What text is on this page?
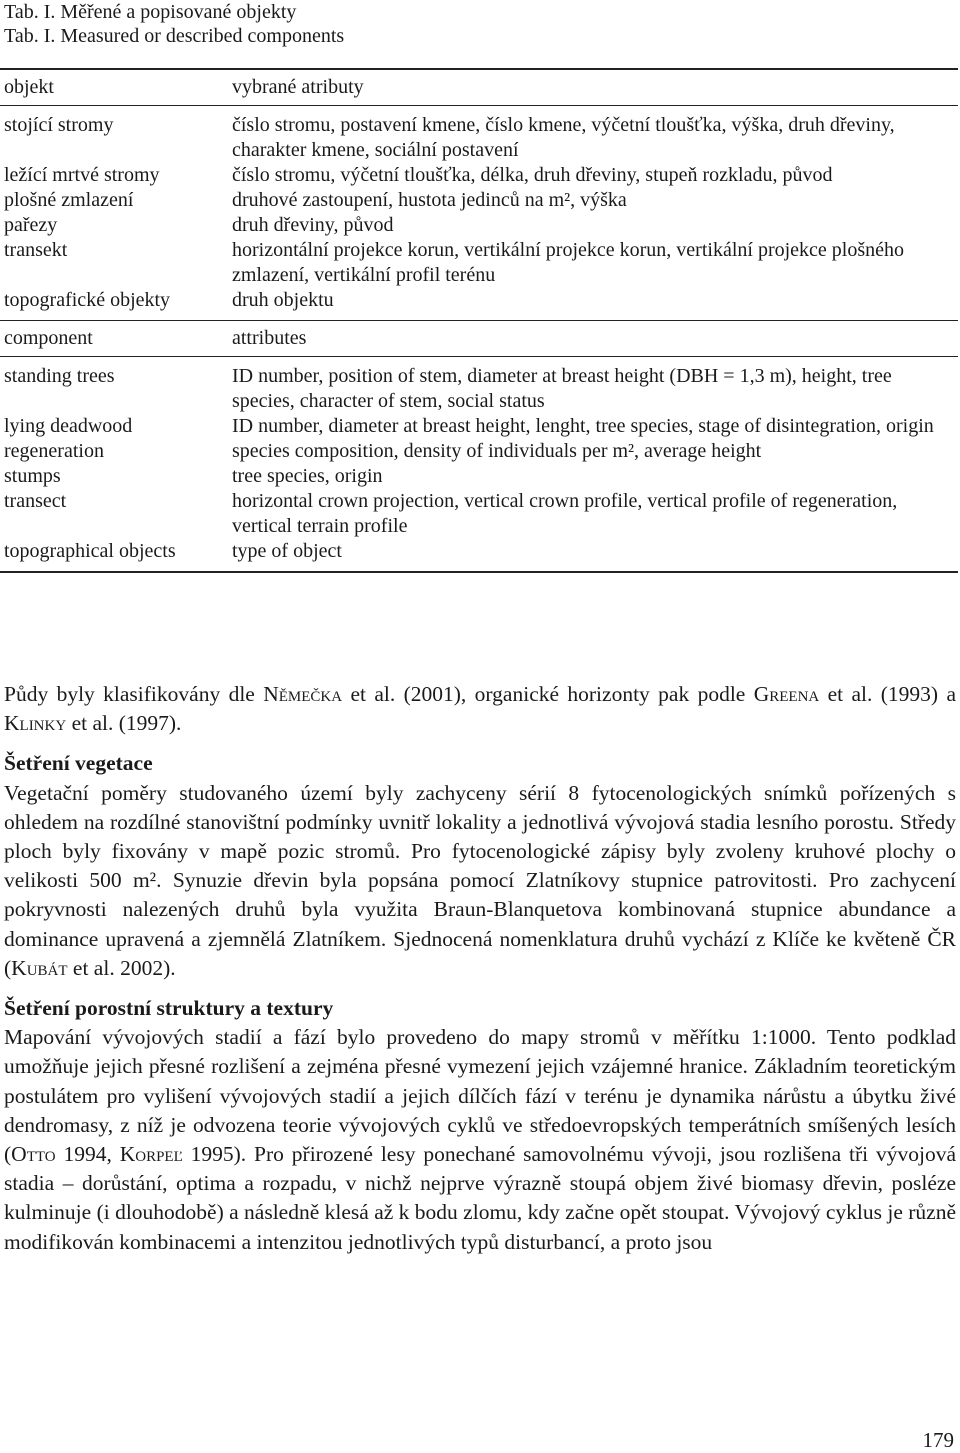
Tab. I. Měřené a popisované objekty
Tab. I. Measured or described components
objekt	vybrané atributy
stojící stromy	číslo stromu, postavení kmene, číslo kmene, výčetní tloušťka, výška, druh dřeviny, charakter kmene, sociální postavení
ležící mrtvé stromy	číslo stromu, výčetní tloušťka, délka, druh dřeviny, stupeň rozkladu, původ
plošné zmlazení	druhové zastoupení, hustota jedinců na m², výška
pařezy	druh dřeviny, původ
transekt	horizontální projekce korun, vertikální projekce korun, vertikální projekce plošného zmlazení, vertikální profil terénu
topografické objekty	druh objektu
component	attributes
standing trees	ID number, position of stem, diameter at breast height (DBH = 1,3 m), height, tree species, character of stem, social status
lying deadwood	ID number, diameter at breast height, lenght, tree species, stage of disintegration, origin
regeneration	species composition, density of individuals per m², average height
stumps	tree species, origin
transect	horizontal crown projection, vertical crown profile, vertical profile of regeneration, vertical terrain profile
topographical objects	type of object

Půdy byly klasifikovány dle Němečka et al. (2001), organické horizonty pak podle Greena et al. (1993) a Klinky et al. (1997).

Šetření vegetace

Vegetační poměry studovaného území byly zachyceny sérií 8 fytocenologických snímků pořízených s ohledem na rozdílné stanovištní podmínky uvnitř lokality a jednotlivá vývojová stadia lesního porostu. Středy ploch byly fixovány v mapě pozic stromů. Pro fytocenologické zápisy byly zvoleny kruhové plochy o velikosti 500 m². Synuzie dřevin byla popsána pomocí Zlatníkovy stupnice patrovitosti. Pro zachycení pokryvnosti nalezených druhů byla využita Braun-Blanquetova kombinovaná stupnice abundance a dominance upravená a zjemnělá Zlatníkem. Sjednocená nomenklatura druhů vychází z Klíče ke květeně ČR (Kubát et al. 2002).

Šetření porostní struktury a textury

Mapování vývojových stadií a fází bylo provedeno do mapy stromů v měřítku 1:1000. Tento podklad umožňuje jejich přesné rozlišení a zejména přesné vymezení jejich vzájemné hranice. Základním teoretickým postulátem pro vylišení vývojových stadií a jejich dílčích fází v terénu je dynamika nárůstu a úbytku živé dendromasy, z níž je odvozena teorie vývojových cyklů ve středoevropských temperátních smíšených lesích (Otto 1994, Korpeľ 1995). Pro přirozené lesy ponechané samovolnému vývoji, jsou rozlišena tři vývojová stadia – dorůstání, optima a rozpadu, v nichž nejprve výrazně stoupá objem živé biomasy dřevin, posléze kulminuje (i dlouhodobě) a následně klesá až k bodu zlomu, kdy začne opět stoupat. Vývojový cyklus je různě modifikován kombinacemi a intenzitou jednotlivých typů disturbancí, a proto jsou

179
